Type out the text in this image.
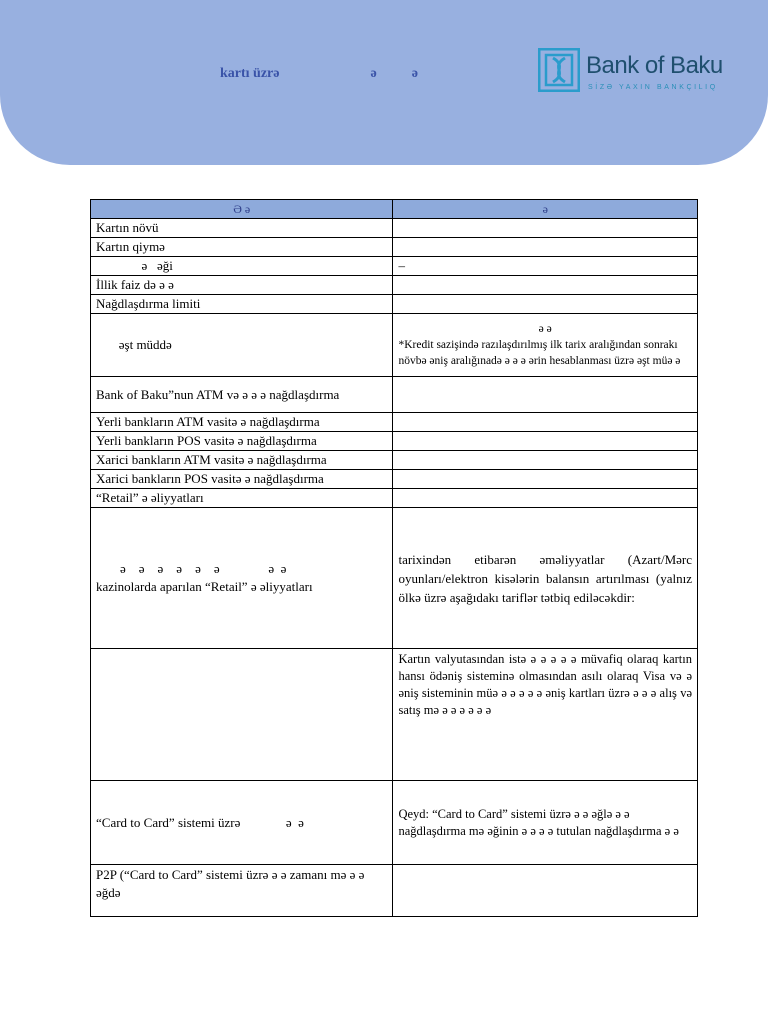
kartı üzrə                          ə          ə	Bank of Baku
SİZƏ YAXIN BANKÇILIQ
Ə ə	ə
Kartın növü	
Kartın qiymə	
ə   əği	–
İllik faiz də ə ə	
Nağdlaşdırma limiti	
əşt müddə	ə ə
*Kredit sazişində razılaşdırılmış ilk tarix aralığından sonrakı növbə əniş aralığınadə ə ə ə ərin hesablanması üzrə əşt müə ə

Bank of Baku”nun ATM və ə ə ə nağdlaşdırma	
Yerli bankların ATM vasitə ə nağdlaşdırma	
Yerli bankların POS vasitə ə nağdlaşdırma	
Xarici bankların ATM vasitə ə nağdlaşdırma	
Xarici bankların POS vasitə ə nağdlaşdırma	
“Retail” ə əliyyatları	

ə    ə    ə    ə    ə    ə               ə  ə
kazinolarda aparılan “Retail” ə əliyyatları	tarixindən etibarən əməliyyatlar (Azart/Mərc oyunları/elektron kisələrin balansın artırılması (yalnız ölkə üzrə aşağıdakı tariflər tətbiq ediləcəkdir:
	Kartın valyutasından istə ə ə ə ə ə müvafiq olaraq kartın hansı ödəniş sisteminə olmasından asılı olaraq Visa və ə əniş sisteminin müə ə ə ə ə ə əniş kartları üzrə ə ə ə alış və satış mə ə ə ə ə ə ə
“Card to Card” sistemi üzrə              ə  ə	Qeyd: “Card to Card” sistemi üzrə ə ə əğlə ə ə nağdlaşdırma mə əğinin ə ə ə ə tutulan nağdlaşdırma ə ə
P2P (“Card to Card” sistemi üzrə ə ə zamanı mə ə ə əğdə	
